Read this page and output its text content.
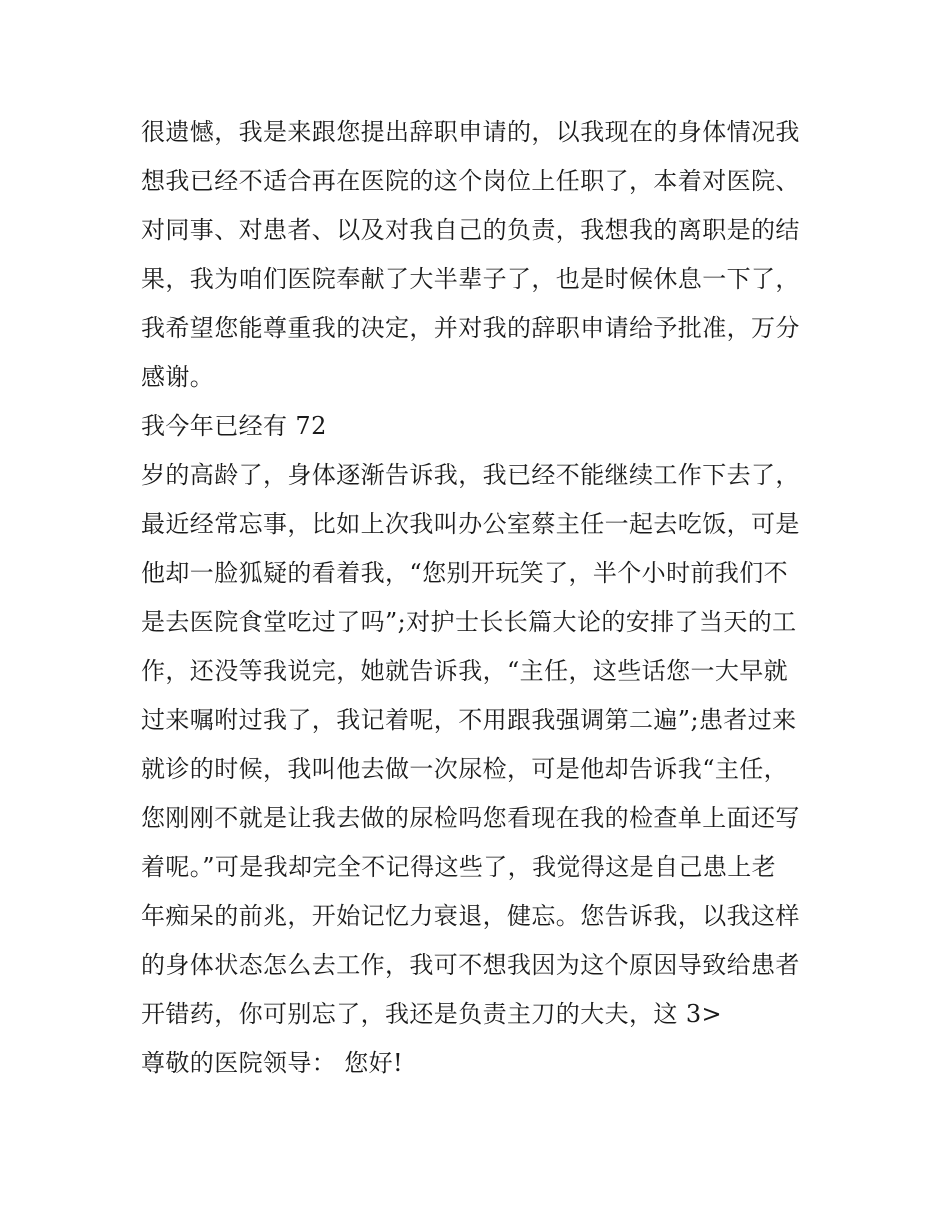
很遗憾，我是来跟您提出辞职申请的，以我现在的身体情况我
想我已经不适合再在医院的这个岗位上任职了，本着对医院、
对同事、对患者、以及对我自己的负责，我想我的离职是的结
果，我为咱们医院奉献了大半辈子了，也是时候休息一下了，
我希望您能尊重我的决定，并对我的辞职申请给予批准，万分
感谢。
我今年已经有 72
岁的高龄了，身体逐渐告诉我，我已经不能继续工作下去了，
最近经常忘事，比如上次我叫办公室蔡主任一起去吃饭，可是
他却一脸狐疑的看着我，“您别开玩笑了，半个小时前我们不
是去医院食堂吃过了吗”;对护士长长篇大论的安排了当天的工
作，还没等我说完，她就告诉我，“主任，这些话您一大早就
过来嘱咐过我了，我记着呢，不用跟我强调第二遍”;患者过来
就诊的时候，我叫他去做一次尿检，可是他却告诉我“主任，
您刚刚不就是让我去做的尿检吗您看现在我的检查单上面还写
着呢。”可是我却完全不记得这些了，我觉得这是自己患上老
年痴呆的前兆，开始记忆力衰退，健忘。您告诉我，以我这样
的身体状态怎么去工作，我可不想我因为这个原因导致给患者
开错药，你可别忘了，我还是负责主刀的大夫，这 3>
尊敬的医院领导： 您好!
